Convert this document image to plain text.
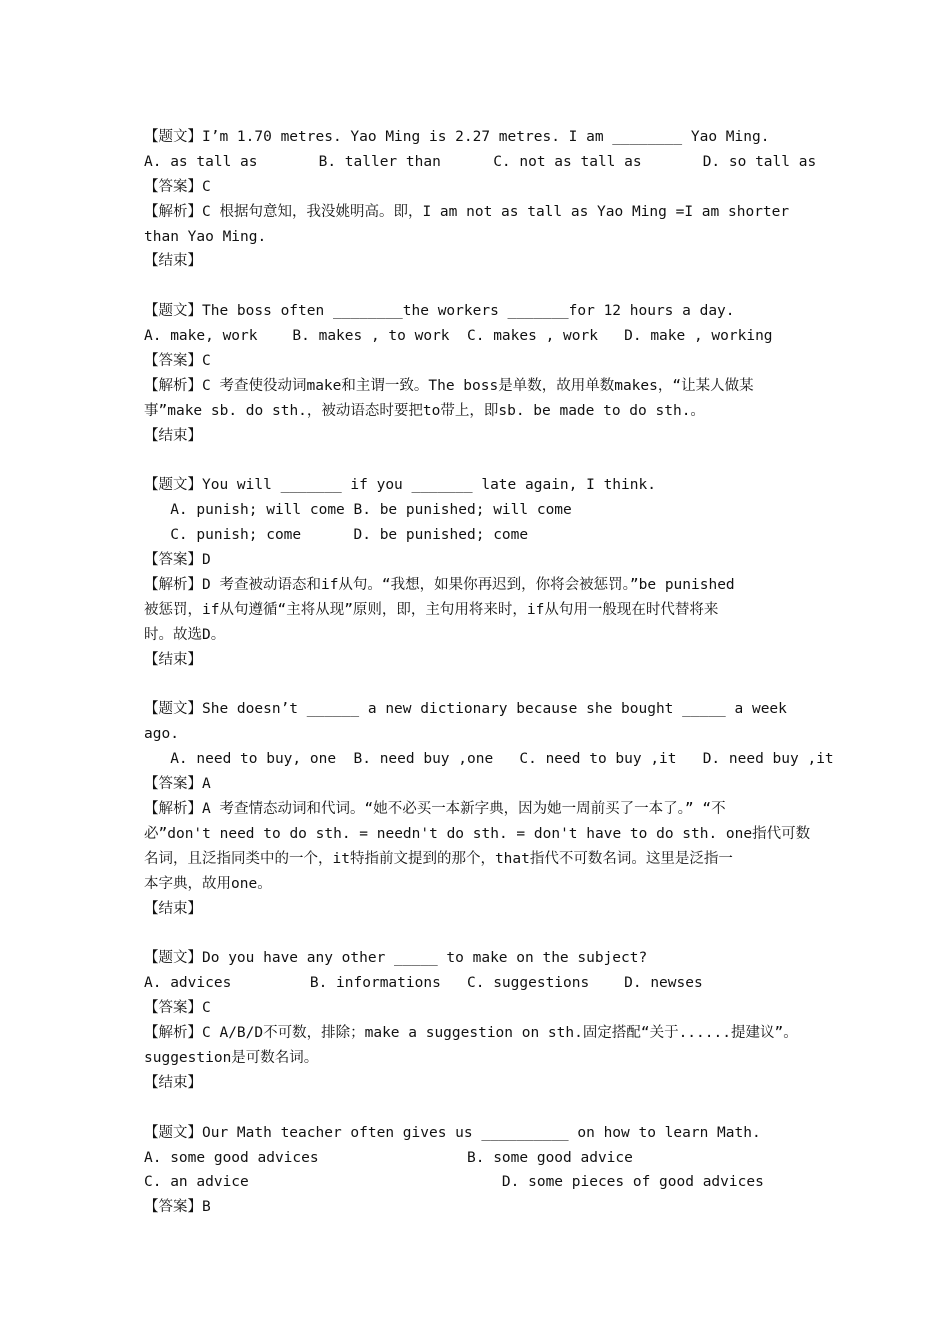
【题文】I’m 1.70 metres. Yao Ming is 2.27 metres. I am ________ Yao Ming.
A. as tall as       B. taller than      C. not as tall as       D. so tall as
【答案】C
【解析】C 根据句意知，我没姚明高。即，I am not as tall as Yao Ming =I am shorter
than Yao Ming.
【结束】
【题文】The boss often ________the workers _______for 12 hours a day.
A. make, work    B. makes , to work  C. makes , work   D. make , working
【答案】C
【解析】C 考查使役动词make和主谓一致。The boss是单数，故用单数makes，“让某人做某
事”make sb. do sth.，被动语态时要把to带上，即sb. be made to do sth.。
【结束】
【题文】You will _______ if you _______ late again, I think.
A. punish; will come B. be punished; will come
C. punish; come      D. be punished; come
【答案】D
【解析】D 考查被动语态和if从句。“我想，如果你再迟到，你将会被惩罚。”be punished
被惩罚，if从句遵循“主将从现”原则，即，主句用将来时，if从句用一般现在时代替将来
时。故选D。
【结束】
【题文】She doesn’t ______ a new dictionary because she bought _____ a week
ago.
A. need to buy, one  B. need buy ,one   C. need to buy ,it   D. need buy ,it
【答案】A
【解析】A 考查情态动词和代词。“她不必买一本新字典，因为她一周前买了一本了。” “不
必”don't need to do sth. = needn't do sth. = don't have to do sth. one指代可数
名词，且泛指同类中的一个，it特指前文提到的那个，that指代不可数名词。这里是泛指一
本字典，故用one。
【结束】
【题文】Do you have any other _____ to make on the subject?
A. advices         B. informations   C. suggestions    D. newses
【答案】C
【解析】C A/B/D不可数，排除；make a suggestion on sth.固定搭配“关于......提建议”。
suggestion是可数名词。
【结束】
【题文】Our Math teacher often gives us __________ on how to learn Math.
A. some good advices                 B. some good advice
C. an advice                             D. some pieces of good advices
【答案】B
